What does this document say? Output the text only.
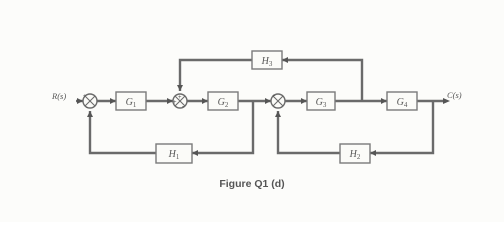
+
-
+
+
-
+
-
$G_1$	$G_2$	$G_3$	$G_4$
$H_3$
$H_1$	$H_2$
R(s)	C(s)
Figure Q1 (d)
